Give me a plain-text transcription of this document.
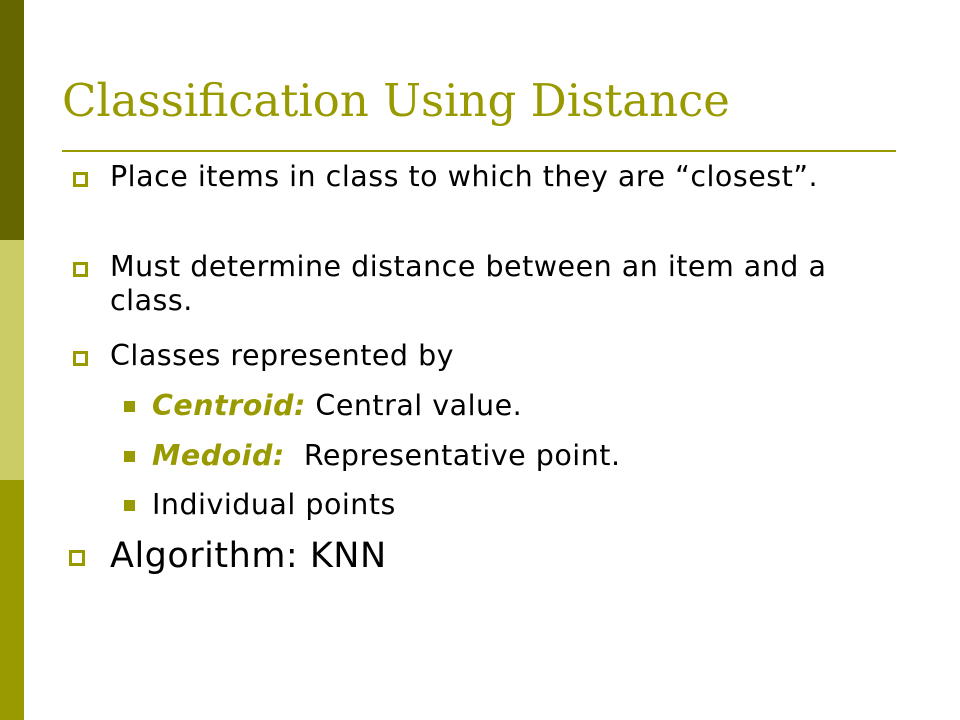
Classification Using Distance

Place items in class to which they are “closest”.

Must determine distance between an item and a class.

Classes represented by

Centroid: Central value.

Medoid:  Representative point.

Individual points

Algorithm: KNN
